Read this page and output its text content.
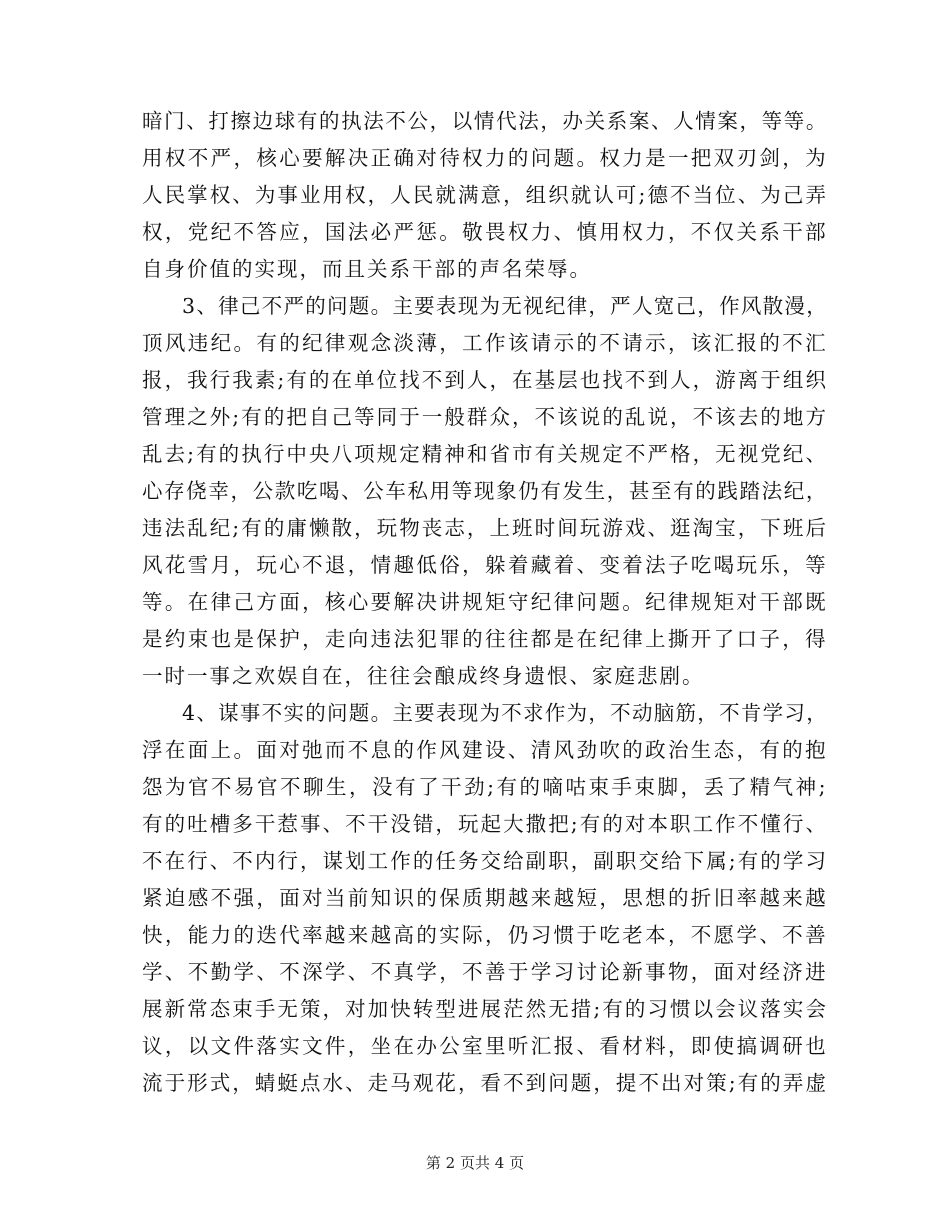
暗门、打擦边球有的执法不公，以情代法，办关系案、人情案，等等。
用权不严，核心要解决正确对待权力的问题。权力是一把双刃剑，为
人民掌权、为事业用权，人民就满意，组织就认可;德不当位、为己弄
权，党纪不答应，国法必严惩。敬畏权力、慎用权力，不仅关系干部
自身价值的实现，而且关系干部的声名荣辱。
3、律己不严的问题。主要表现为无视纪律，严人宽己，作风散漫，
顶风违纪。有的纪律观念淡薄，工作该请示的不请示，该汇报的不汇
报，我行我素;有的在单位找不到人，在基层也找不到人，游离于组织
管理之外;有的把自己等同于一般群众，不该说的乱说，不该去的地方
乱去;有的执行中央八项规定精神和省市有关规定不严格，无视党纪、
心存侥幸，公款吃喝、公车私用等现象仍有发生，甚至有的践踏法纪，
违法乱纪;有的庸懒散，玩物丧志，上班时间玩游戏、逛淘宝，下班后
风花雪月，玩心不退，情趣低俗，躲着藏着、变着法子吃喝玩乐，等
等。在律己方面，核心要解决讲规矩守纪律问题。纪律规矩对干部既
是约束也是保护，走向违法犯罪的往往都是在纪律上撕开了口子，得
一时一事之欢娱自在，往往会酿成终身遗恨、家庭悲剧。
4、谋事不实的问题。主要表现为不求作为，不动脑筋，不肯学习，
浮在面上。面对弛而不息的作风建设、清风劲吹的政治生态，有的抱
怨为官不易官不聊生，没有了干劲;有的嘀咕束手束脚，丢了精气神;
有的吐槽多干惹事、不干没错，玩起大撒把;有的对本职工作不懂行、
不在行、不内行，谋划工作的任务交给副职，副职交给下属;有的学习
紧迫感不强，面对当前知识的保质期越来越短，思想的折旧率越来越
快，能力的迭代率越来越高的实际，仍习惯于吃老本，不愿学、不善
学、不勤学、不深学、不真学，不善于学习讨论新事物，面对经济进
展新常态束手无策，对加快转型进展茫然无措;有的习惯以会议落实会
议，以文件落实文件，坐在办公室里听汇报、看材料，即使搞调研也
流于形式，蜻蜓点水、走马观花，看不到问题，提不出对策;有的弄虚
第 2 页共 4 页
